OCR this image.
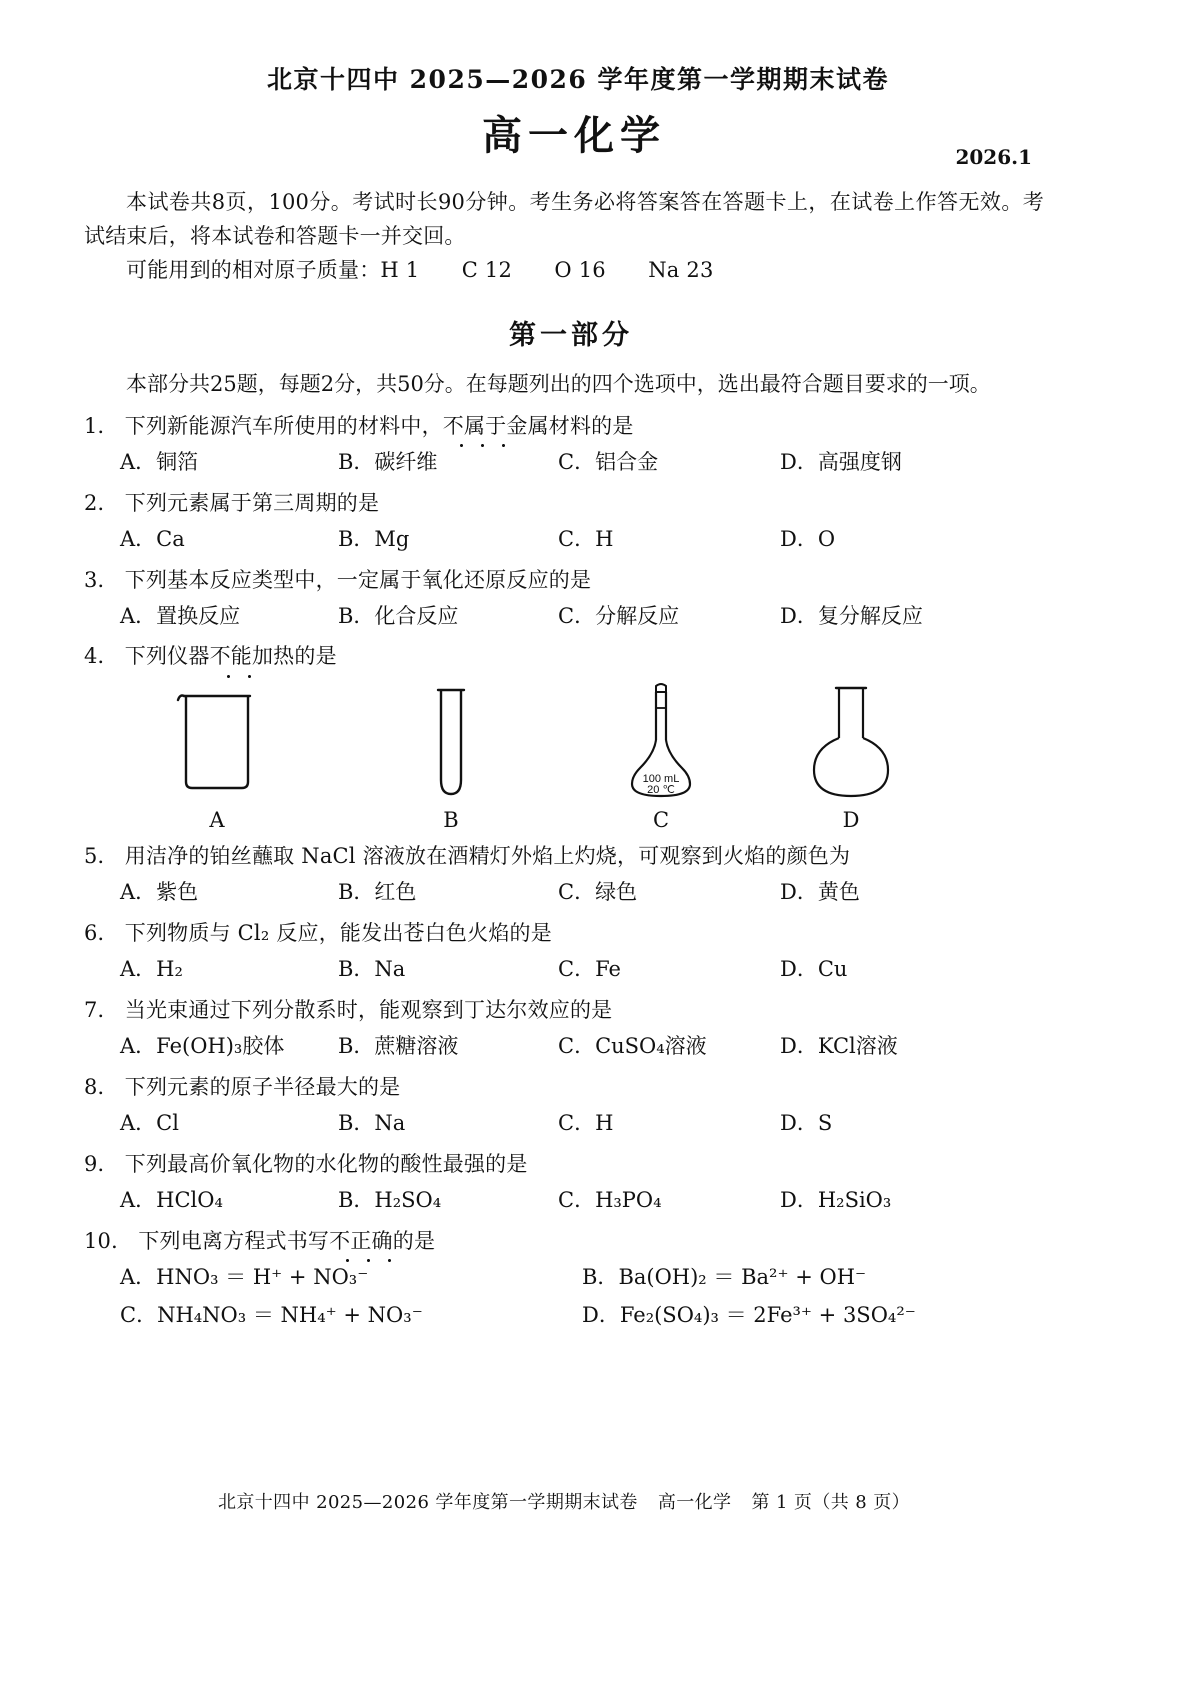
北京十四中 2025—2026 学年度第一学期期末试卷
高一化学	2026.1

本试卷共8页，100分。考试时长90分钟。考生务必将答案答在答题卡上，在试卷上作答无效。考试结束后，将本试卷和答题卡一并交回。

可能用到的相对原子质量：H 1　　C 12　　O 16　　Na 23

第一部分
本部分共25题，每题2分，共50分。在每题列出的四个选项中，选出最符合题目要求的一项。
1． 下列新能源汽车所使用的材料中，不属于金属材料的是
A．铜箔	B．碳纤维	C．铝合金	D．高强度钢
2． 下列元素属于第三周期的是
A．Ca	B．Mg	C．H	D．O
3． 下列基本反应类型中，一定属于氧化还原反应的是
A．置换反应	B．化合反应	C．分解反应	D．复分解反应
4． 下列仪器不能加热的是
A	B
100 mL
20 ℃
C	D
5． 用洁净的铂丝蘸取 NaCl 溶液放在酒精灯外焰上灼烧，可观察到火焰的颜色为
A．紫色	B．红色	C．绿色	D．黄色
6． 下列物质与 Cl₂ 反应，能发出苍白色火焰的是
A．H₂	B．Na	C．Fe	D．Cu
7． 当光束通过下列分散系时，能观察到丁达尔效应的是
A．Fe(OH)₃胶体	B．蔗糖溶液	C．CuSO₄溶液	D．KCl溶液
8． 下列元素的原子半径最大的是
A．Cl	B．Na	C．H	D．S
9． 下列最高价氧化物的水化物的酸性最强的是
A．HClO₄	B．H₂SO₄	C．H₃PO₄	D．H₂SiO₃
10． 下列电离方程式书写不正确的是
A．HNO₃ ＝ H⁺ + NO₃⁻	B．Ba(OH)₂ ＝ Ba²⁺ + OH⁻
C．NH₄NO₃ ＝ NH₄⁺ + NO₃⁻	D．Fe₂(SO₄)₃ ＝ 2Fe³⁺ + 3SO₄²⁻
北京十四中 2025—2026 学年度第一学期期末试卷 高一化学 第 1 页（共 8 页）
